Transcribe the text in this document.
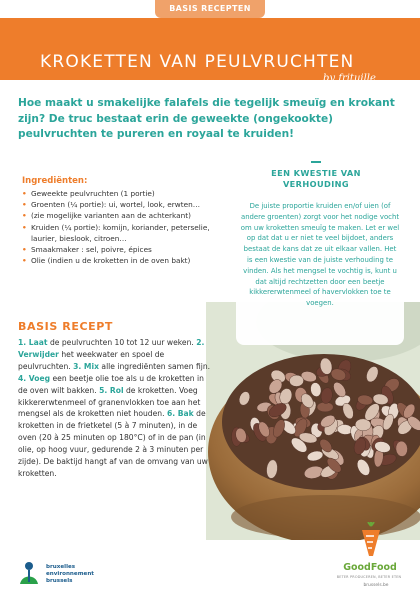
BASIS RECEPTEN
KROKETTEN VAN PEULVRUCHTEN
by frituille
Hoe maakt u smakelijke falafels die tegelijk smeuïg en krokant zijn? De truc bestaat erin de geweekte (ongekookte) peulvruchten te pureren en royaal te kruiden!
Ingrediënten:
• Geweekte peulvruchten (1 portie)
• Groenten (¼ portie): ui, wortel, look, erwten…
• (zie mogelijke varianten aan de achterkant)
• Kruiden (¼ portie): komijn, koriander, peterselie, laurier, bieslook, citroen…
• Smaakmaker : sel, poivre, épices
• Olie (indien u de kroketten in de oven bakt)
EEN KWESTIE VAN VERHOUDING
De juiste proportie kruiden en/of uien (of andere groenten) zorgt voor het nodige vocht om uw kroketten smeuïg te maken. Let er wel op dat dat u er niet te veel bijdoet, anders bestaat de kans dat ze uit elkaar vallen. Het is een kwestie van de juiste verhouding te vinden. Als het mengsel te vochtig is, kunt u dat altijd rechtzetten door een beetje kikkererwtenmeel of havervlokken toe te voegen.
BASIS RECEPT
1. Laat de peulvruchten 10 tot 12 uur weken. 2. Verwijder het weekwater en spoel de peulvruchten. 3. Mix alle ingrediënten samen fijn. 4. Voeg een beetje olie toe als u de kroketten in de oven wilt bakken. 5. Rol de kroketten. Voeg kikkererwtenmeel of granenvlokken toe aan het mengsel als de kroketten niet houden. 6. Bak de kroketten in de frietketel (5 à 7 minuten), in de oven (20 à 25 minuten op 180°C) of in de pan (in olie, op hoog vuur, gedurende 2 à 3 minuten per zijde). De baktijd hangt af van de omvang van uw kroketten.
bruxelles
environnement
brussels
GoodFood
BETER PRODUCEREN, BETER ETEN
brussels.be
